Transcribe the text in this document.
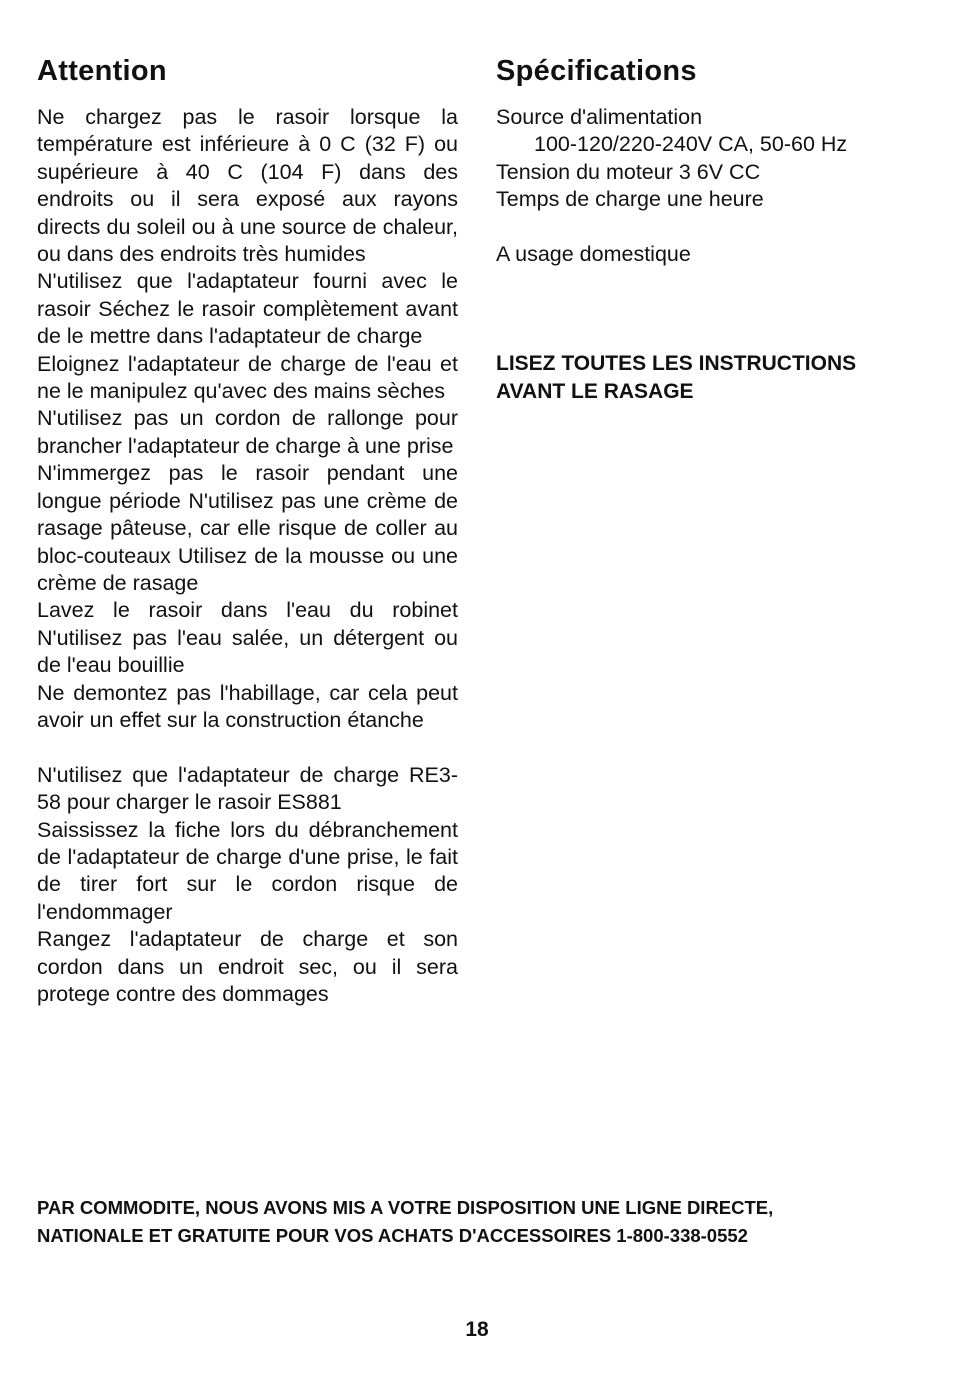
Attention

Ne chargez pas le rasoir lorsque la température est inférieure à 0 C (32 F) ou supérieure à 40 C (104 F) dans des endroits ou il sera exposé aux rayons directs du soleil ou à une source de chaleur, ou dans des endroits très humides

N'utilisez que l'adaptateur fourni avec le rasoir Séchez le rasoir complètement avant de le mettre dans l'adaptateur de charge

Eloignez l'adaptateur de charge de l'eau et ne le manipulez qu'avec des mains sèches

N'utilisez pas un cordon de rallonge pour brancher l'adaptateur de charge à une prise

N'immergez pas le rasoir pendant une longue période N'utilisez pas une crème de rasage pâteuse, car elle risque de coller au bloc-couteaux Utilisez de la mousse ou une crème de rasage

Lavez le rasoir dans l'eau du robinet N'utilisez pas l'eau salée, un détergent ou de l'eau bouillie

Ne demontez pas l'habillage, car cela peut avoir un effet sur la construction étanche

N'utilisez que l'adaptateur de charge RE3-58 pour charger le rasoir ES881

Saississez la fiche lors du débranchement de l'adaptateur de charge d'une prise, le fait de tirer fort sur le cordon risque de l'endommager

Rangez l'adaptateur de charge et son cordon dans un endroit sec, ou il sera protege contre des dommages

Spécifications

Source d'alimentation

100-120/220-240V CA, 50-60 Hz

Tension du moteur 3 6V CC

Temps de charge une heure

A usage domestique

LISEZ TOUTES LES INSTRUCTIONS

AVANT LE RASAGE

PAR COMMODITE, NOUS AVONS MIS A VOTRE DISPOSITION UNE LIGNE DIRECTE,
NATIONALE ET GRATUITE POUR VOS ACHATS D'ACCESSOIRES 1-800-338-0552
18
